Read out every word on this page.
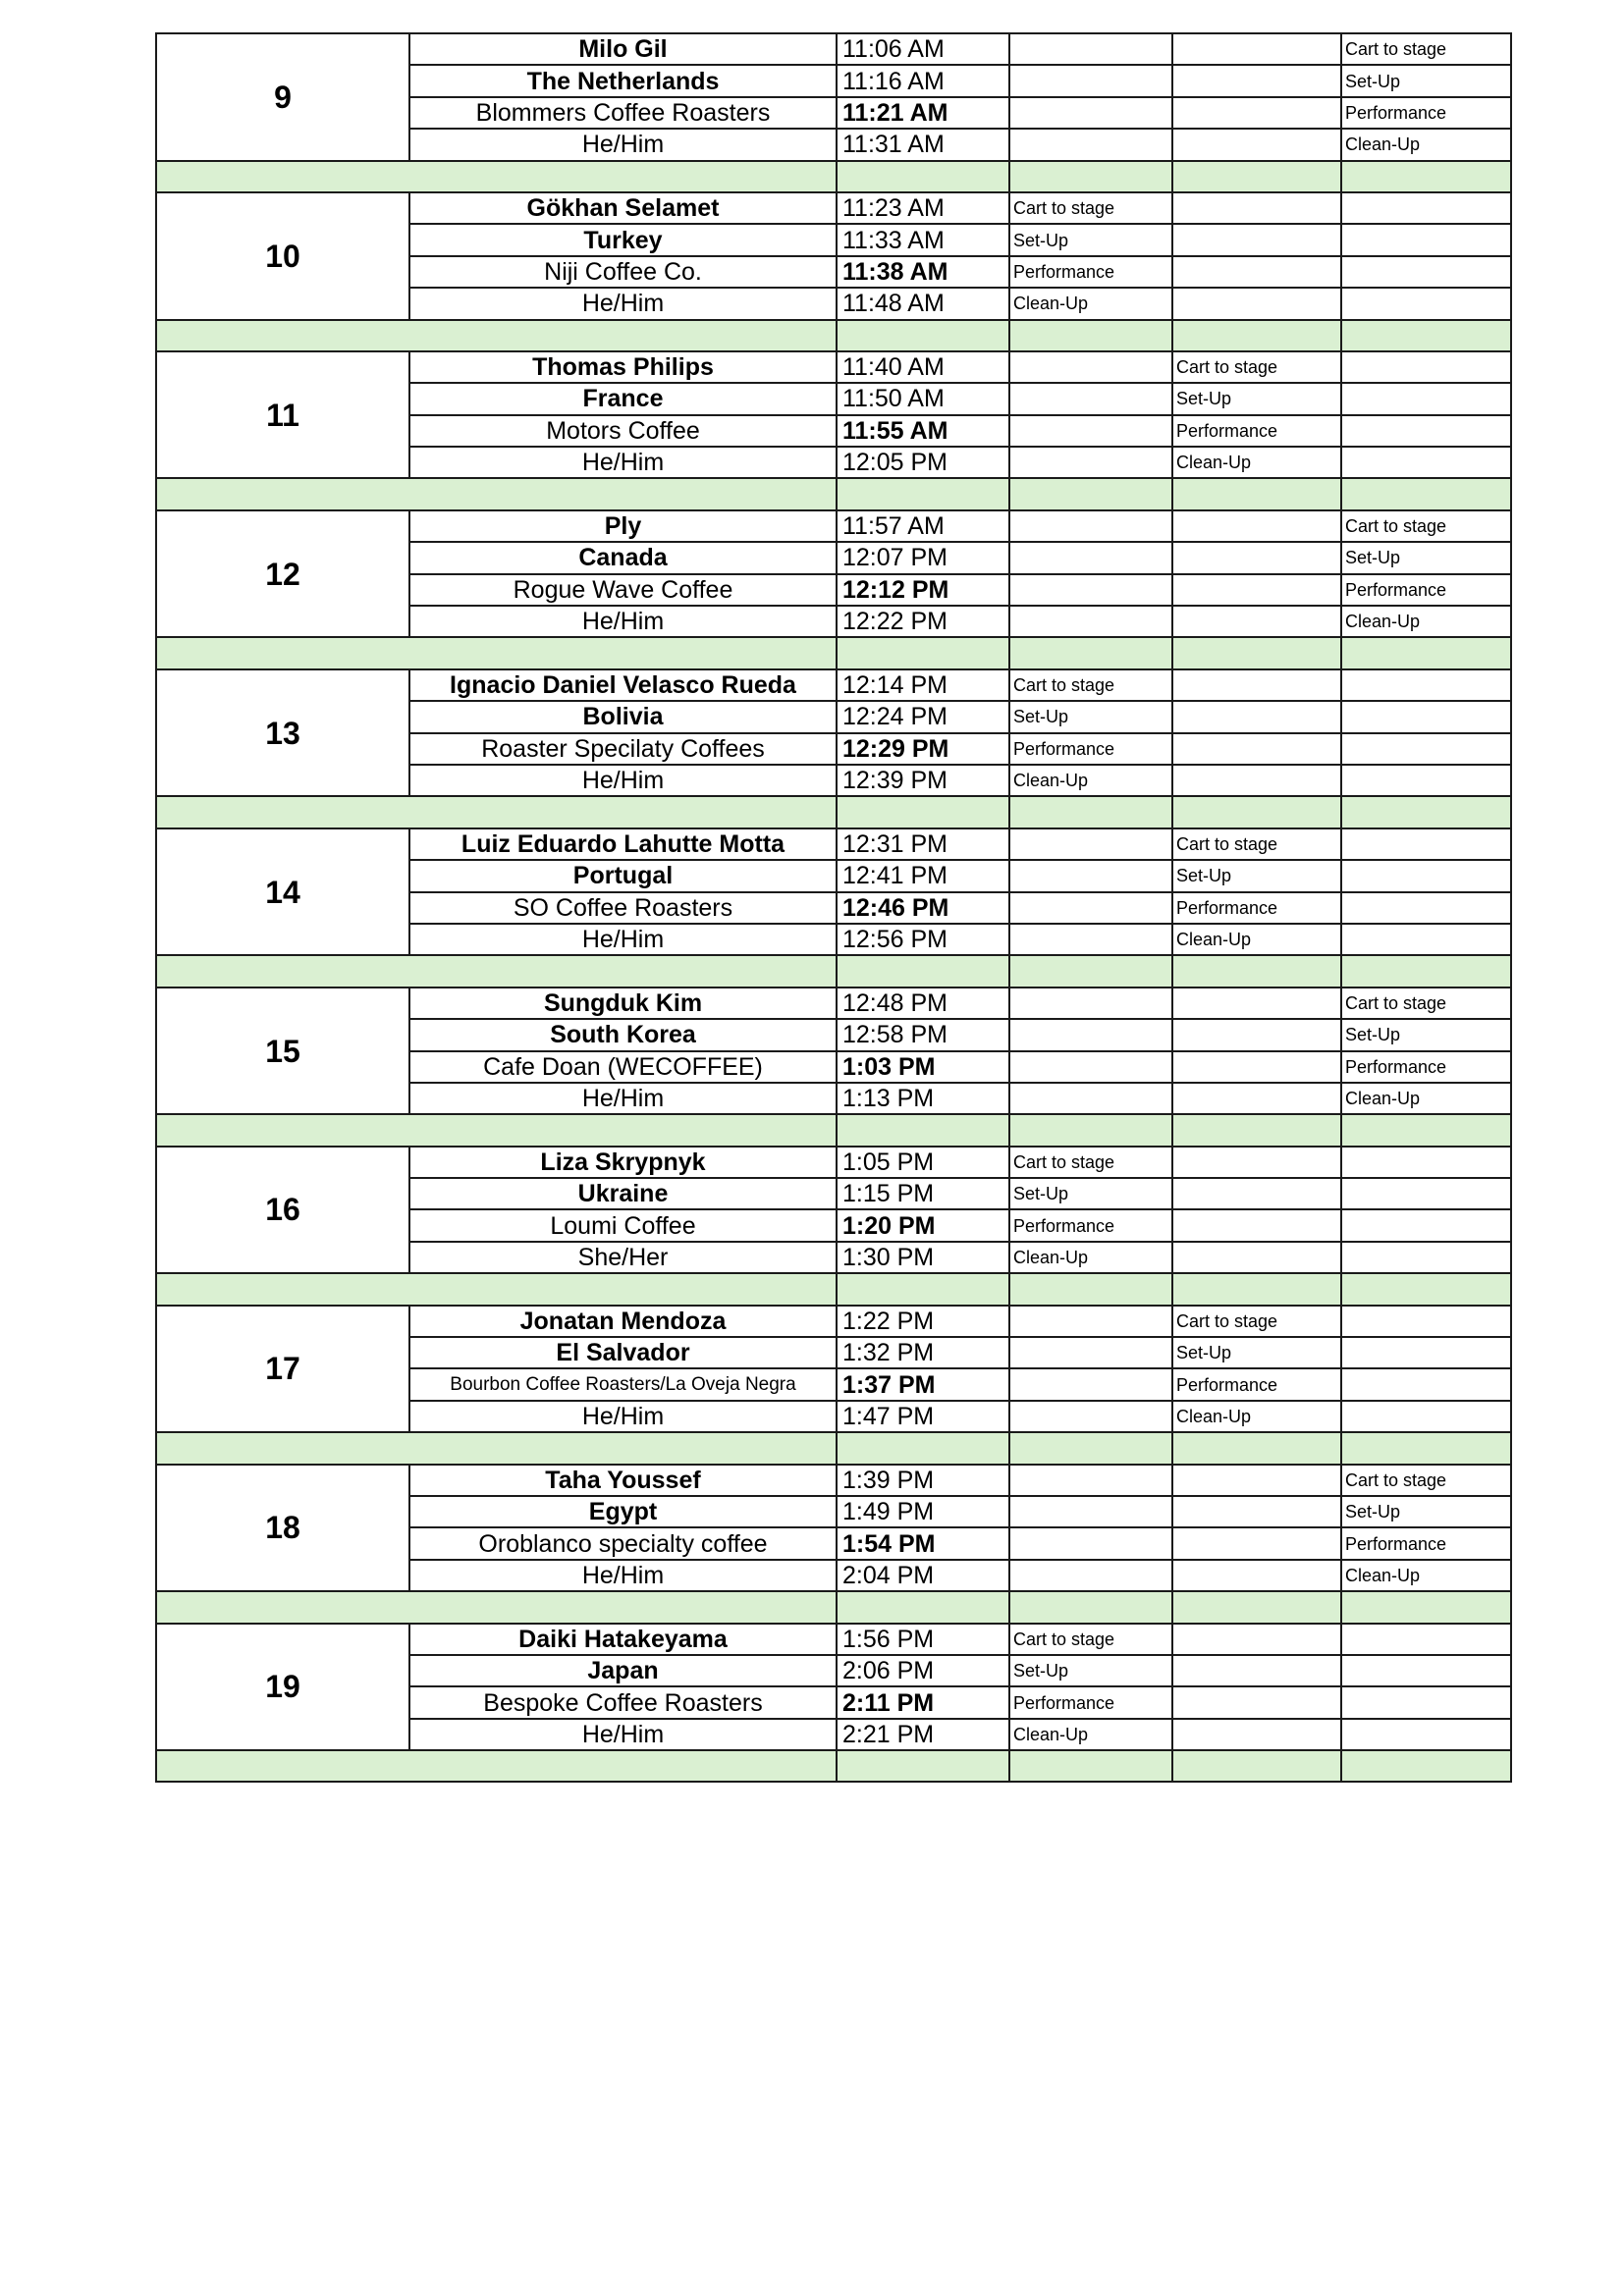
9	Milo Gil	11:06 AM			Cart to stage
	The Netherlands	11:16 AM			Set-Up
	Blommers Coffee Roasters	11:21 AM			Performance
	He/Him	11:31 AM			Clean-Up

10	Gökhan Selamet	11:23 AM	Cart to stage		
	Turkey	11:33 AM	Set-Up		
	Niji Coffee Co.	11:38 AM	Performance		
	He/Him	11:48 AM	Clean-Up		

11	Thomas Philips	11:40 AM		Cart to stage	
	France	11:50 AM		Set-Up	
	Motors Coffee	11:55 AM		Performance	
	He/Him	12:05 PM		Clean-Up	

12	Ply	11:57 AM			Cart to stage
	Canada	12:07 PM			Set-Up
	Rogue Wave Coffee	12:12 PM			Performance
	He/Him	12:22 PM			Clean-Up

13	Ignacio Daniel Velasco Rueda	12:14 PM	Cart to stage		
	Bolivia	12:24 PM	Set-Up		
	Roaster Specilaty Coffees	12:29 PM	Performance		
	He/Him	12:39 PM	Clean-Up		

14	Luiz Eduardo Lahutte Motta	12:31 PM		Cart to stage	
	Portugal	12:41 PM		Set-Up	
	SO Coffee Roasters	12:46 PM		Performance	
	He/Him	12:56 PM		Clean-Up	

15	Sungduk Kim	12:48 PM			Cart to stage
	South Korea	12:58 PM			Set-Up
	Cafe Doan (WECOFFEE)	1:03 PM			Performance
	He/Him	1:13 PM			Clean-Up

16	Liza Skrypnyk	1:05 PM	Cart to stage		
	Ukraine	1:15 PM	Set-Up		
	Loumi Coffee	1:20 PM	Performance		
	She/Her	1:30 PM	Clean-Up		

17	Jonatan Mendoza	1:22 PM		Cart to stage	
	El Salvador	1:32 PM		Set-Up	
	Bourbon Coffee Roasters/La Oveja Negra	1:37 PM		Performance	
	He/Him	1:47 PM		Clean-Up	

18	Taha Youssef	1:39 PM			Cart to stage
	Egypt	1:49 PM			Set-Up
	Oroblanco specialty coffee	1:54 PM			Performance
	He/Him	2:04 PM			Clean-Up

19	Daiki Hatakeyama	1:56 PM	Cart to stage		
	Japan	2:06 PM	Set-Up		
	Bespoke Coffee Roasters	2:11 PM	Performance		
	He/Him	2:21 PM	Clean-Up		
